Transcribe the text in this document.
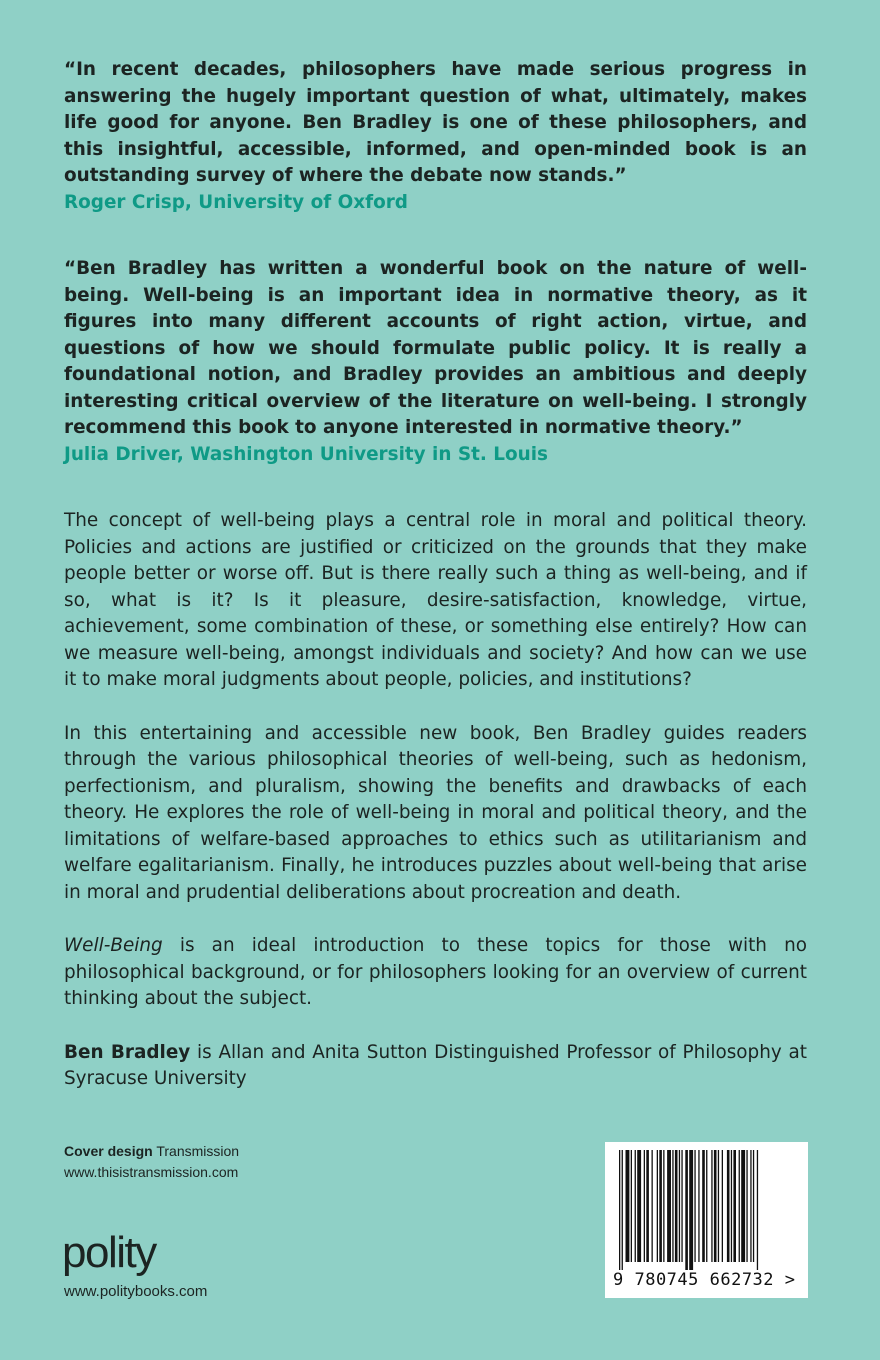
“In recent decades, philosophers have made serious progress in answering the hugely important question of what, ultimately, makes life good for anyone. Ben Bradley is one of these philosophers, and this insightful, accessible, informed, and open-minded book is an outstanding survey of where the debate now stands.”

Roger Crisp, University of Oxford

“Ben Bradley has written a wonderful book on the nature of well-being. Well-being is an important idea in normative theory, as it figures into many different accounts of right action, virtue, and questions of how we should formulate public policy. It is really a foundational notion, and Bradley provides an ambitious and deeply interesting critical overview of the literature on well-being. I strongly recommend this book to anyone interested in normative theory.”

Julia Driver, Washington University in St. Louis

The concept of well-being plays a central role in moral and political theory. Policies and actions are justified or criticized on the grounds that they make people better or worse off. But is there really such a thing as well-being, and if so, what is it? Is it pleasure, desire-satisfaction, knowledge, virtue, achievement, some combination of these, or something else entirely? How can we measure well-being, amongst individuals and society? And how can we use it to make moral judgments about people, policies, and institutions?

In this entertaining and accessible new book, Ben Bradley guides readers through the various philosophical theories of well-being, such as hedonism, perfectionism, and pluralism, showing the benefits and drawbacks of each theory. He explores the role of well-being in moral and political theory, and the limitations of welfare-based approaches to ethics such as utilitarianism and welfare egalitarianism. Finally, he introduces puzzles about well-being that arise in moral and prudential deliberations about procreation and death.

Well-Being is an ideal introduction to these topics for those with no philosophical background, or for philosophers looking for an overview of current thinking about the subject.

Ben Bradley is Allan and Anita Sutton Distinguished Professor of Philosophy at Syracuse University

Cover design Transmission
www.thisistransmission.com
polity
www.politybooks.com
9 780745 662732 >
